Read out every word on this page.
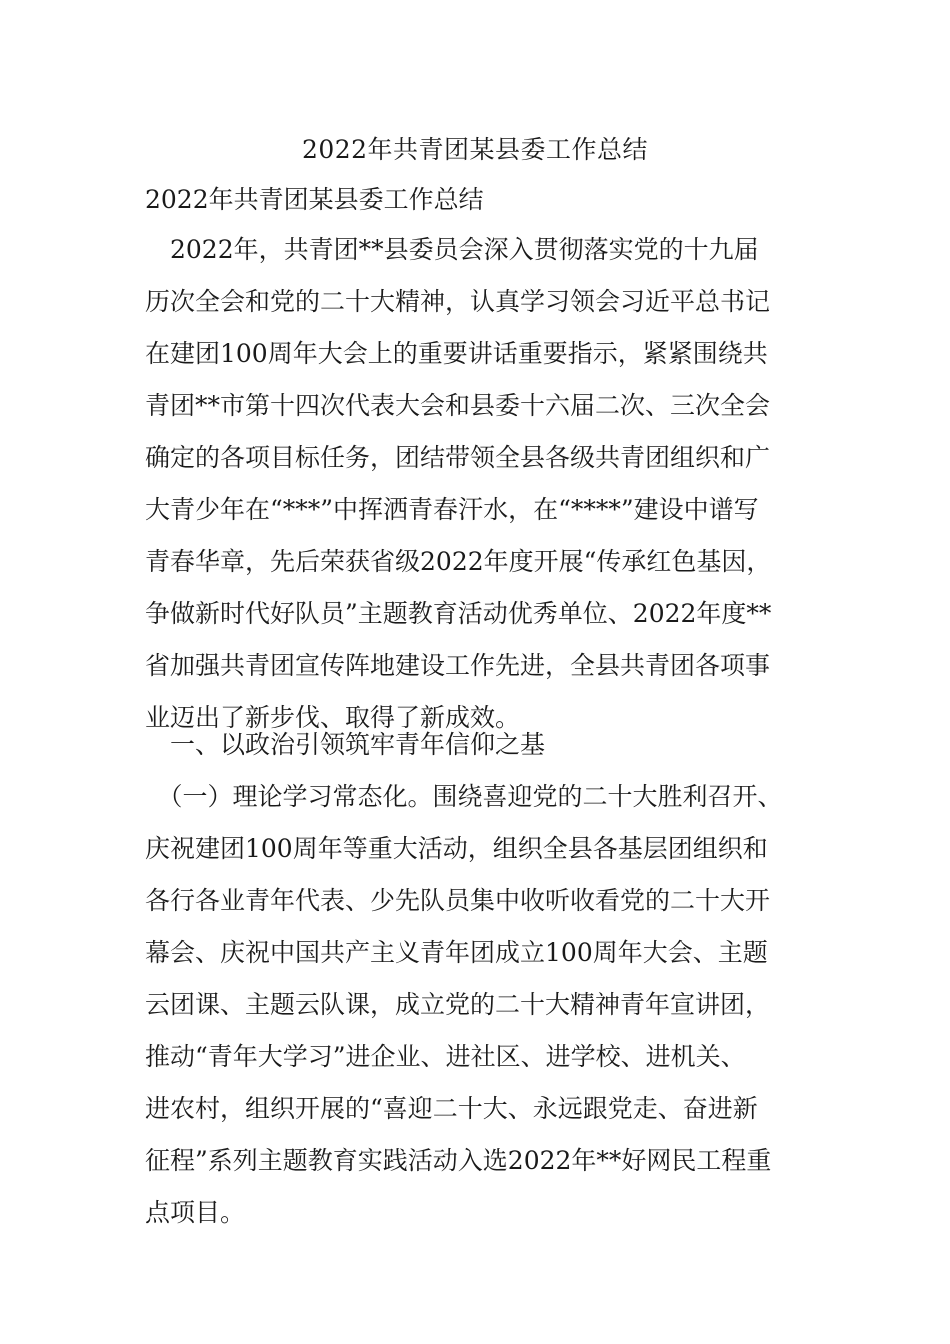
2022年共青团某县委工作总结
2022年共青团某县委工作总结
　2022年，共青团**县委员会深入贯彻落实党的十九届
历次全会和党的二十大精神，认真学习领会习近平总书记
在建团100周年大会上的重要讲话重要指示，紧紧围绕共
青团**市第十四次代表大会和县委十六届二次、三次全会
确定的各项目标任务，团结带领全县各级共青团组织和广
大青少年在“***”中挥洒青春汗水，在“****”建设中谱写
青春华章，先后荣获省级2022年度开展“传承红色基因，
争做新时代好队员”主题教育活动优秀单位、2022年度**
省加强共青团宣传阵地建设工作先进，全县共青团各项事
业迈出了新步伐、取得了新成效。
　一、以政治引领筑牢青年信仰之基
　（一）理论学习常态化。围绕喜迎党的二十大胜利召开、
庆祝建团100周年等重大活动，组织全县各基层团组织和
各行各业青年代表、少先队员集中收听收看党的二十大开
幕会、庆祝中国共产主义青年团成立100周年大会、主题
云团课、主题云队课，成立党的二十大精神青年宣讲团，
推动“青年大学习”进企业、进社区、进学校、进机关、
进农村，组织开展的“喜迎二十大、永远跟党走、奋进新
征程”系列主题教育实践活动入选2022年**好网民工程重
点项目。
